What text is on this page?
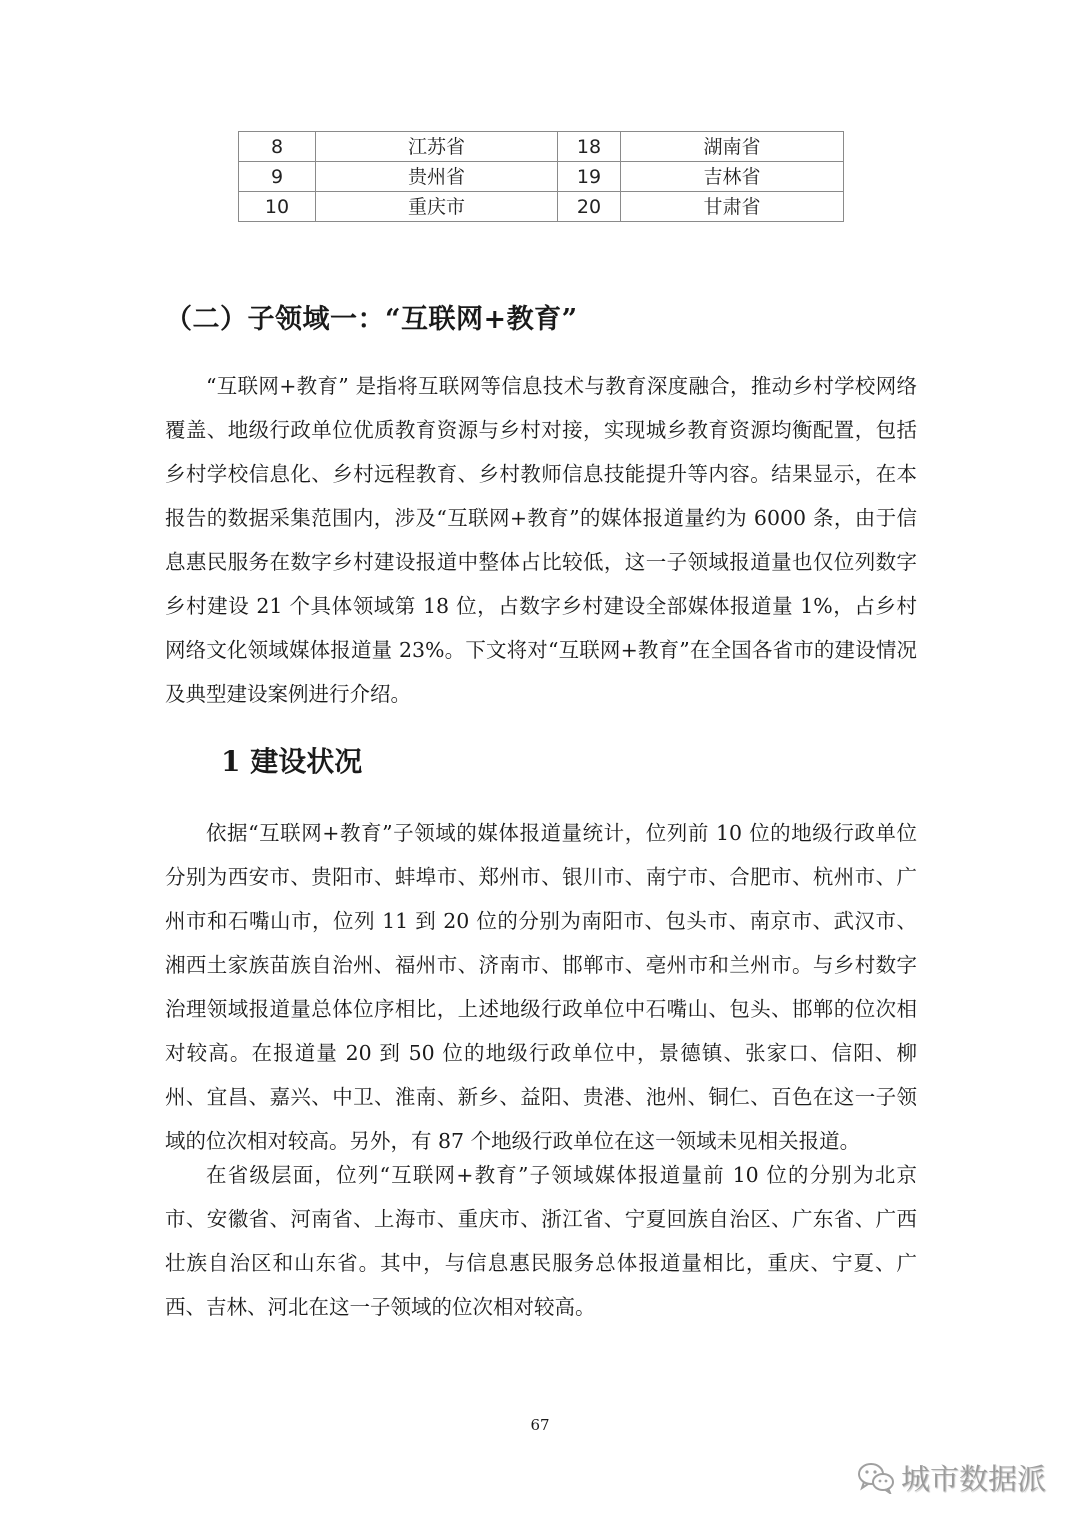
8	江苏省	18	湖南省
9	贵州省	19	吉林省
10	重庆市	20	甘肃省
（二）子领域一：“互联网+教育”

“互联网+教育” 是指将互联网等信息技术与教育深度融合，推动乡村学校网络覆盖、地级行政单位优质教育资源与乡村对接，实现城乡教育资源均衡配置，包括乡村学校信息化、乡村远程教育、乡村教师信息技能提升等内容。结果显示，在本报告的数据采集范围内，涉及“互联网+教育”的媒体报道量约为 6000 条，由于信息惠民服务在数字乡村建设报道中整体占比较低，这一子领域报道量也仅位列数字乡村建设 21 个具体领域第 18 位，占数字乡村建设全部媒体报道量 1%，占乡村网络文化领域媒体报道量 23%。下文将对“互联网+教育”在全国各省市的建设情况及典型建设案例进行介绍。

1 建设状况

依据“互联网+教育”子领域的媒体报道量统计，位列前 10 位的地级行政单位分别为西安市、贵阳市、蚌埠市、郑州市、银川市、南宁市、合肥市、杭州市、广州市和石嘴山市，位列 11 到 20 位的分别为南阳市、包头市、南京市、武汉市、湘西土家族苗族自治州、福州市、济南市、邯郸市、亳州市和兰州市。与乡村数字治理领域报道量总体位序相比，上述地级行政单位中石嘴山、包头、邯郸的位次相对较高。在报道量 20 到 50 位的地级行政单位中，景德镇、张家口、信阳、柳州、宜昌、嘉兴、中卫、淮南、新乡、益阳、贵港、池州、铜仁、百色在这一子领域的位次相对较高。另外，有 87 个地级行政单位在这一领域未见相关报道。

在省级层面，位列“互联网+教育”子领域媒体报道量前 10 位的分别为北京市、安徽省、河南省、上海市、重庆市、浙江省、宁夏回族自治区、广东省、广西壮族自治区和山东省。其中，与信息惠民服务总体报道量相比，重庆、宁夏、广西、吉林、河北在这一子领域的位次相对较高。

67
城市数据派
